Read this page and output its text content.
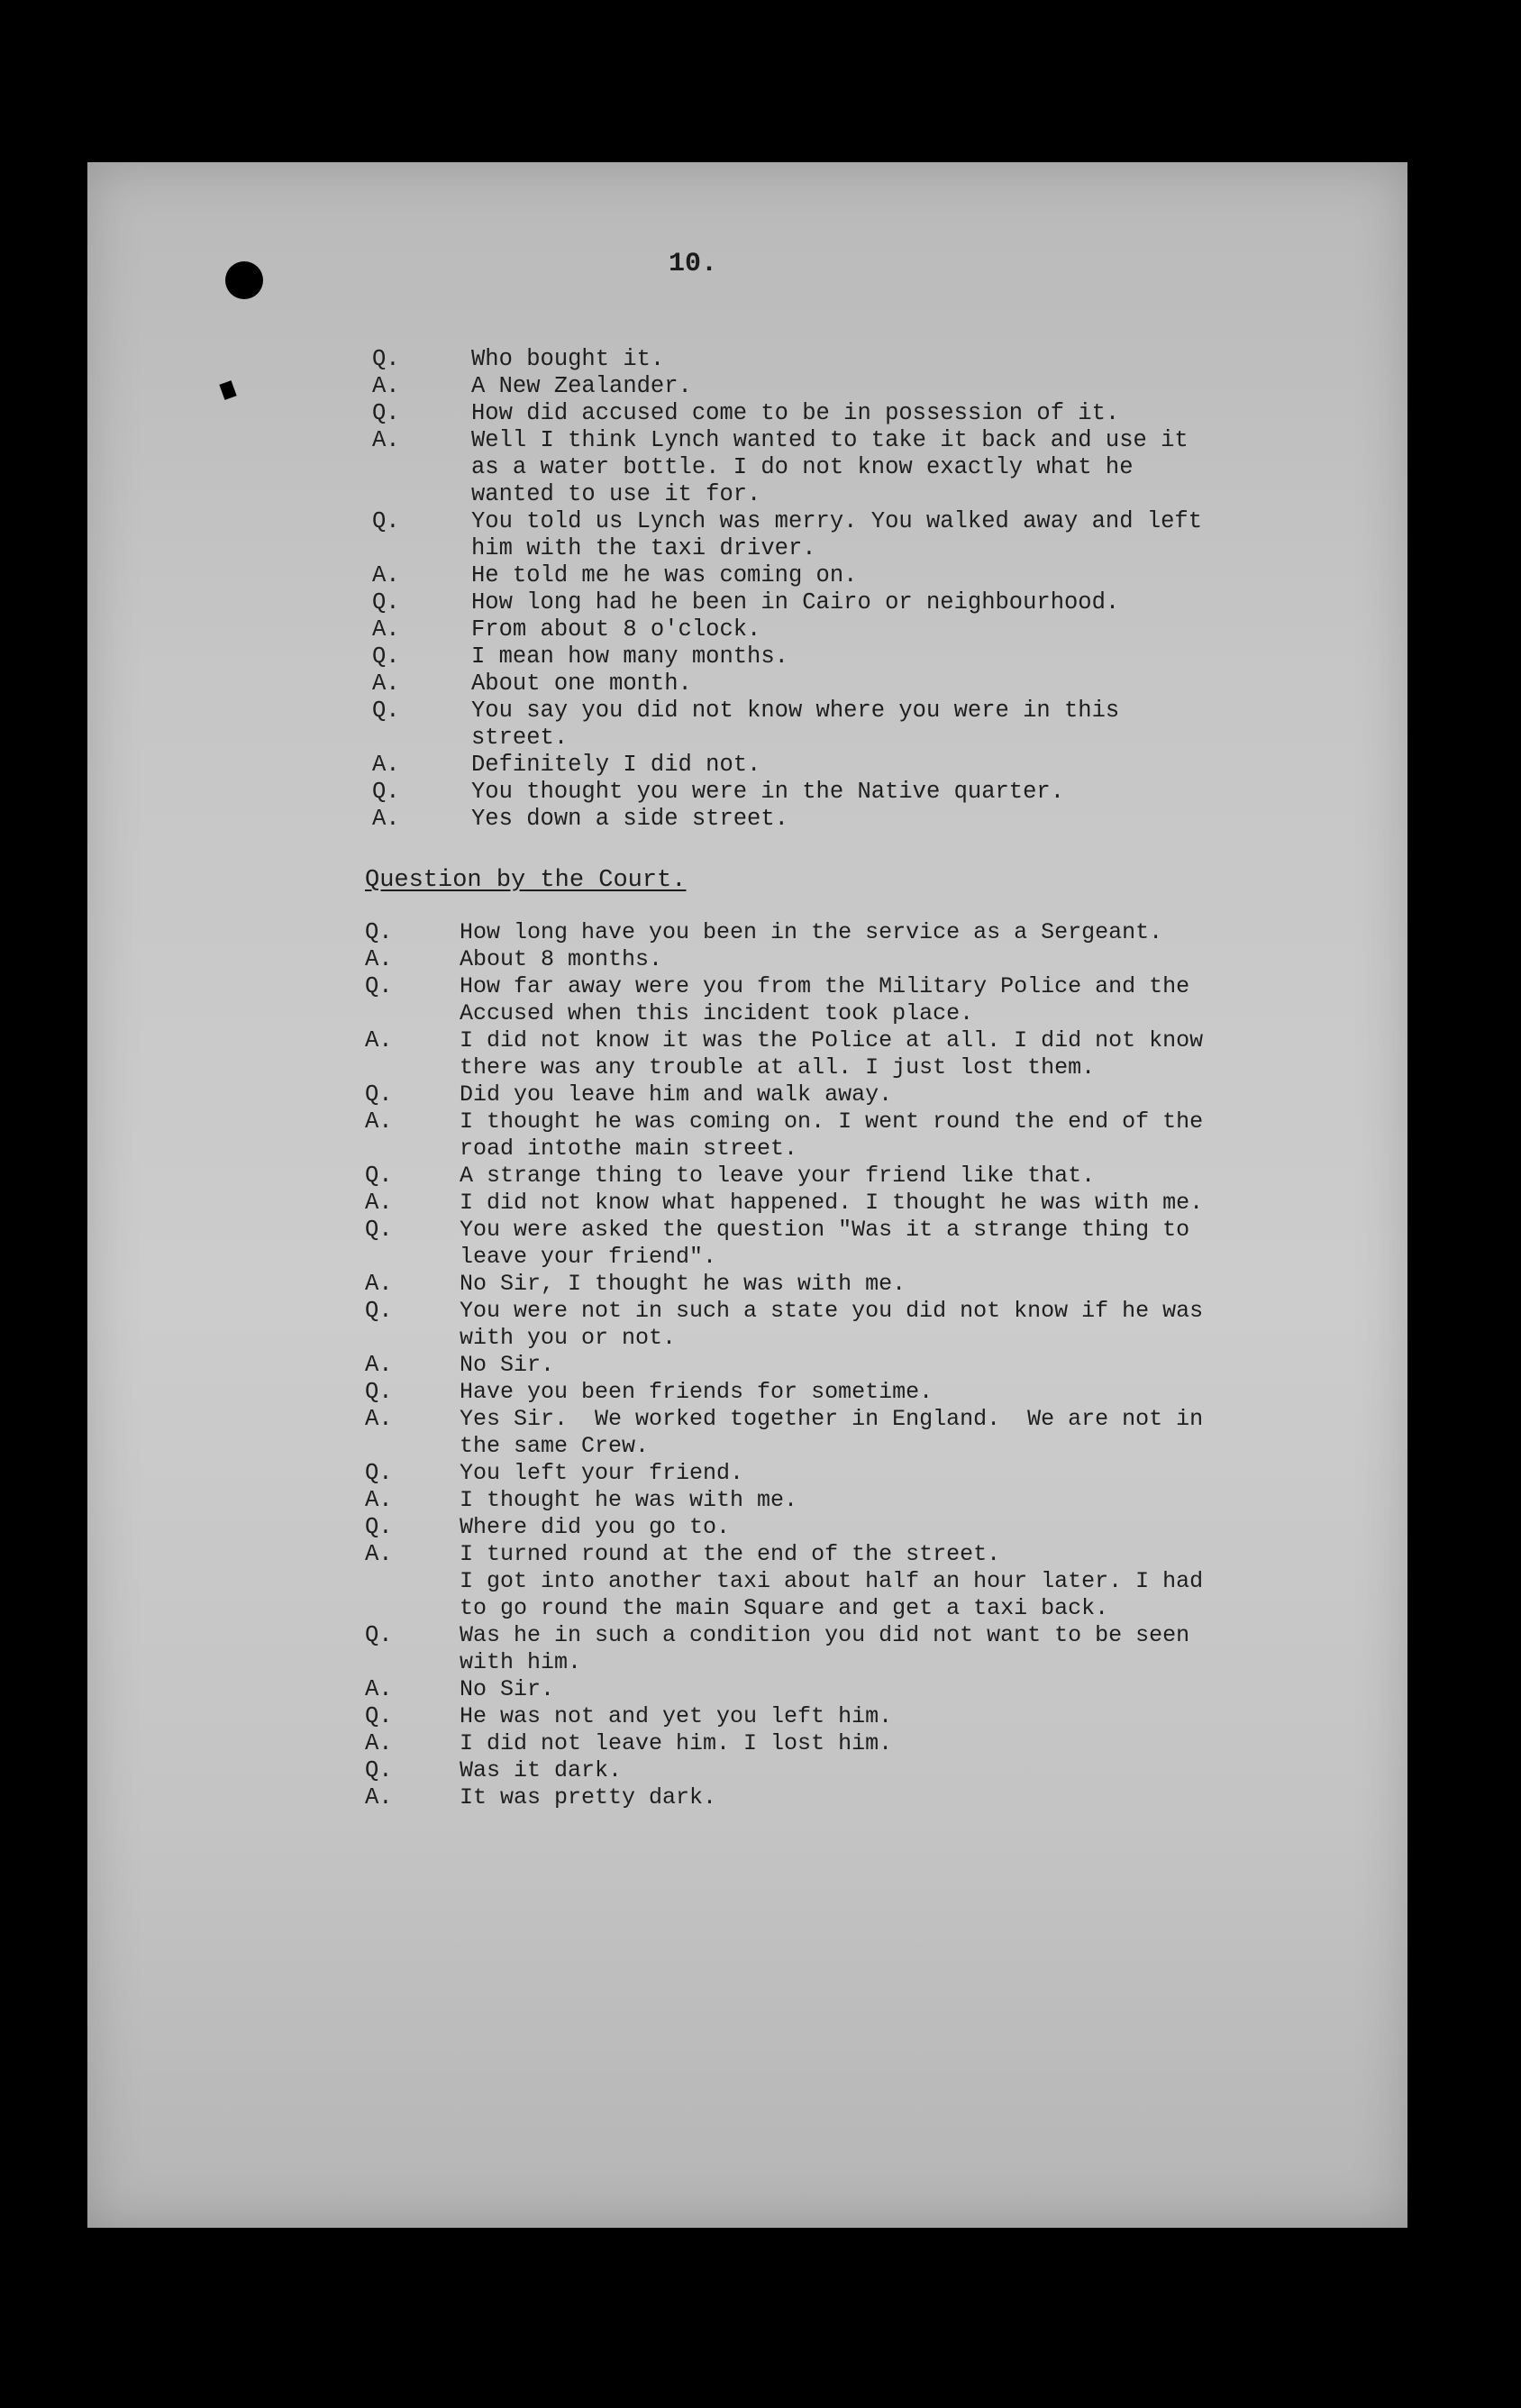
10.
Q.	Who bought it.
A.	A New Zealander.
Q.	How did accused come to be in possession of it.
A.	Well I think Lynch wanted to take it back and use it as a water bottle. I do not know exactly what he wanted to use it for.
Q.	You told us Lynch was merry. You walked away and left him with the taxi driver.
A.	He told me he was coming on.
Q.	How long had he been in Cairo or neighbourhood.
A.	From about 8 o'clock.
Q.	I mean how many months.
A.	About one month.
Q.	You say you did not know where you were in this street.
A.	Definitely I did not.
Q.	You thought you were in the Native quarter.
A.	Yes down a side street.
Question by the Court.
Q.	How long have you been in the service as a Sergeant.
A.	About 8 months.
Q.	How far away were you from the Military Police and the Accused when this incident took place.
A.	I did not know it was the Police at all. I did not know there was any trouble at all. I just lost them.
Q.	Did you leave him and walk away.
A.	I thought he was coming on. I went round the end of the road intothe main street.
Q.	A strange thing to leave your friend like that.
A.	I did not know what happened. I thought he was with me.
Q.	You were asked the question "Was it a strange thing to leave your friend".
A.	No Sir, I thought he was with me.
Q.	You were not in such a state you did not know if he was with you or not.
A.	No Sir.
Q.	Have you been friends for sometime.
A.	Yes Sir.  We worked together in England.  We are not in the same Crew.
Q.	You left your friend.
A.	I thought he was with me.
Q.	Where did you go to.
A.	I turned round at the end of the street.
I got into another taxi about half an hour later. I had to go round the main Square and get a taxi back.
Q.	Was he in such a condition you did not want to be seen with him.
A.	No Sir.
Q.	He was not and yet you left him.
A.	I did not leave him. I lost him.
Q.	Was it dark.
A.	It was pretty dark.
